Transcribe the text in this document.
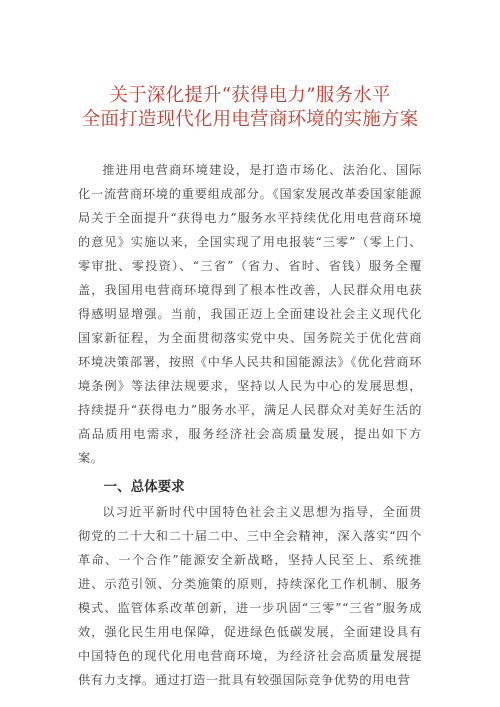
关于深化提升“获得电力”服务水平
全面打造现代化用电营商环境的实施方案

推进用电营商环境建设，是打造市场化、法治化、国际化一流营商环境的重要组成部分。《国家发展改革委国家能源局关于全面提升“获得电力”服务水平持续优化用电营商环境的意见》实施以来，全国实现了用电报装“三零”（零上门、零审批、零投资）、“三省”（省力、省时、省钱）服务全覆盖，我国用电营商环境得到了根本性改善，人民群众用电获得感明显增强。当前，我国正迈上全面建设社会主义现代化国家新征程，为全面贯彻落实党中央、国务院关于优化营商环境决策部署，按照《中华人民共和国能源法》《优化营商环境条例》等法律法规要求，坚持以人民为中心的发展思想，持续提升“获得电力”服务水平，满足人民群众对美好生活的高品质用电需求，服务经济社会高质量发展，提出如下方案。

一、总体要求

以习近平新时代中国特色社会主义思想为指导，全面贯彻党的二十大和二十届二中、三中全会精神，深入落实“四个革命、一个合作”能源安全新战略，坚持人民至上、系统推进、示范引领、分类施策的原则，持续深化工作机制、服务模式、监管体系改革创新，进一步巩固“三零”“三省”服务成效，强化民生用电保障，促进绿色低碳发展，全面建设具有中国特色的现代化用电营商环境，为经济社会高质量发展提供有力支撑。通过打造一批具有较强国际竞争优势的用电营
